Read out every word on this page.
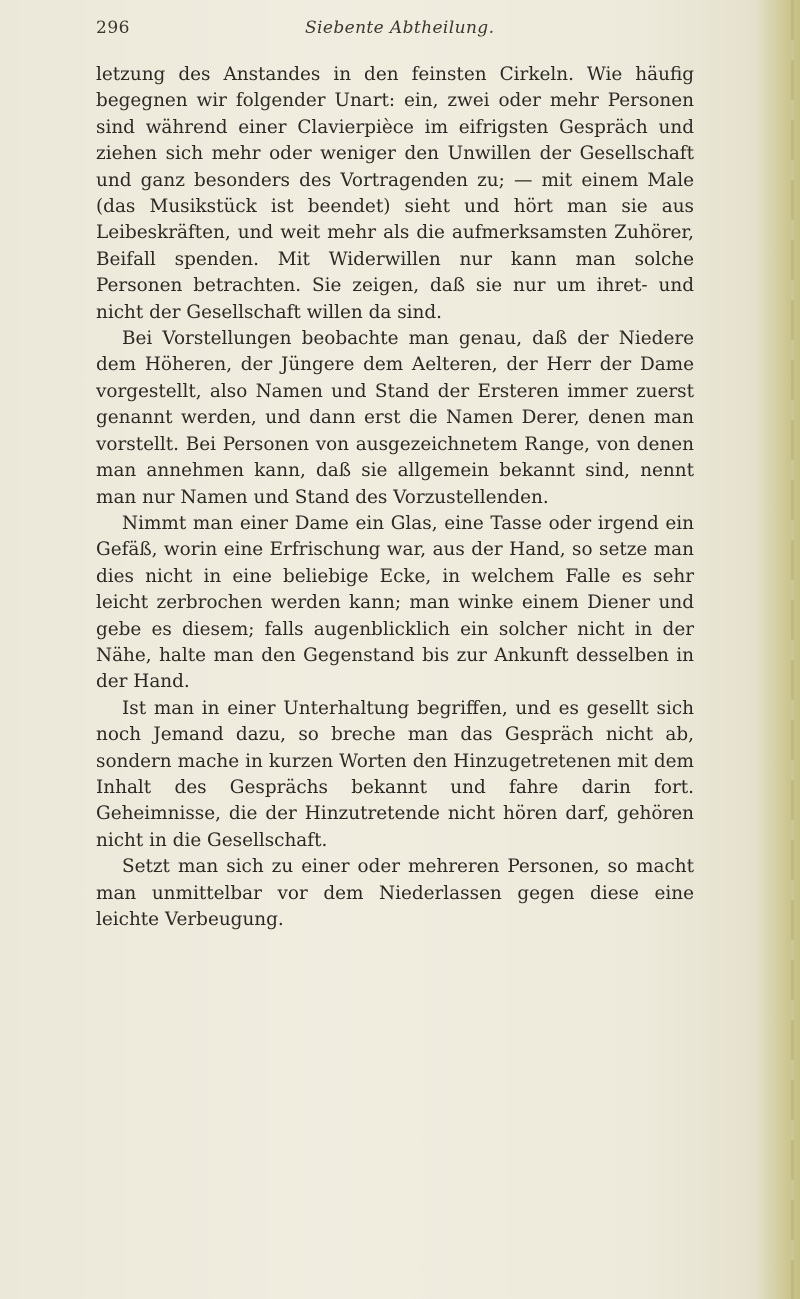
296	Siebente Abtheilung.

letzung des Anstandes in den feinsten Cirkeln. Wie häufig begegnen wir folgender Unart: ein, zwei oder mehr Personen sind während einer Clavierpièce im eifrigsten Gespräch und ziehen sich mehr oder weniger den Unwillen der Gesellschaft und ganz besonders des Vortragenden zu; — mit einem Male (das Musikstück ist beendet) sieht und hört man sie aus Leibeskräften, und weit mehr als die aufmerksamsten Zuhörer, Beifall spenden. Mit Widerwillen nur kann man solche Personen betrachten. Sie zeigen, daß sie nur um ihret- und nicht der Gesellschaft willen da sind.

Bei Vorstellungen beobachte man genau, daß der Niedere dem Höheren, der Jüngere dem Aelteren, der Herr der Dame vorgestellt, also Namen und Stand der Ersteren immer zuerst genannt werden, und dann erst die Namen Derer, denen man vorstellt. Bei Personen von ausgezeichnetem Range, von denen man annehmen kann, daß sie allgemein bekannt sind, nennt man nur Namen und Stand des Vorzustellenden.

Nimmt man einer Dame ein Glas, eine Tasse oder irgend ein Gefäß, worin eine Erfrischung war, aus der Hand, so setze man dies nicht in eine beliebige Ecke, in welchem Falle es sehr leicht zerbrochen werden kann; man winke einem Diener und gebe es diesem; falls augenblicklich ein solcher nicht in der Nähe, halte man den Gegenstand bis zur Ankunft desselben in der Hand.

Ist man in einer Unterhaltung begriffen, und es gesellt sich noch Jemand dazu, so breche man das Gespräch nicht ab, sondern mache in kurzen Worten den Hinzugetretenen mit dem Inhalt des Gesprächs bekannt und fahre darin fort. Geheimnisse, die der Hinzutretende nicht hören darf, gehören nicht in die Gesellschaft.

Setzt man sich zu einer oder mehreren Personen, so macht man unmittelbar vor dem Niederlassen gegen diese eine leichte Verbeugung.
